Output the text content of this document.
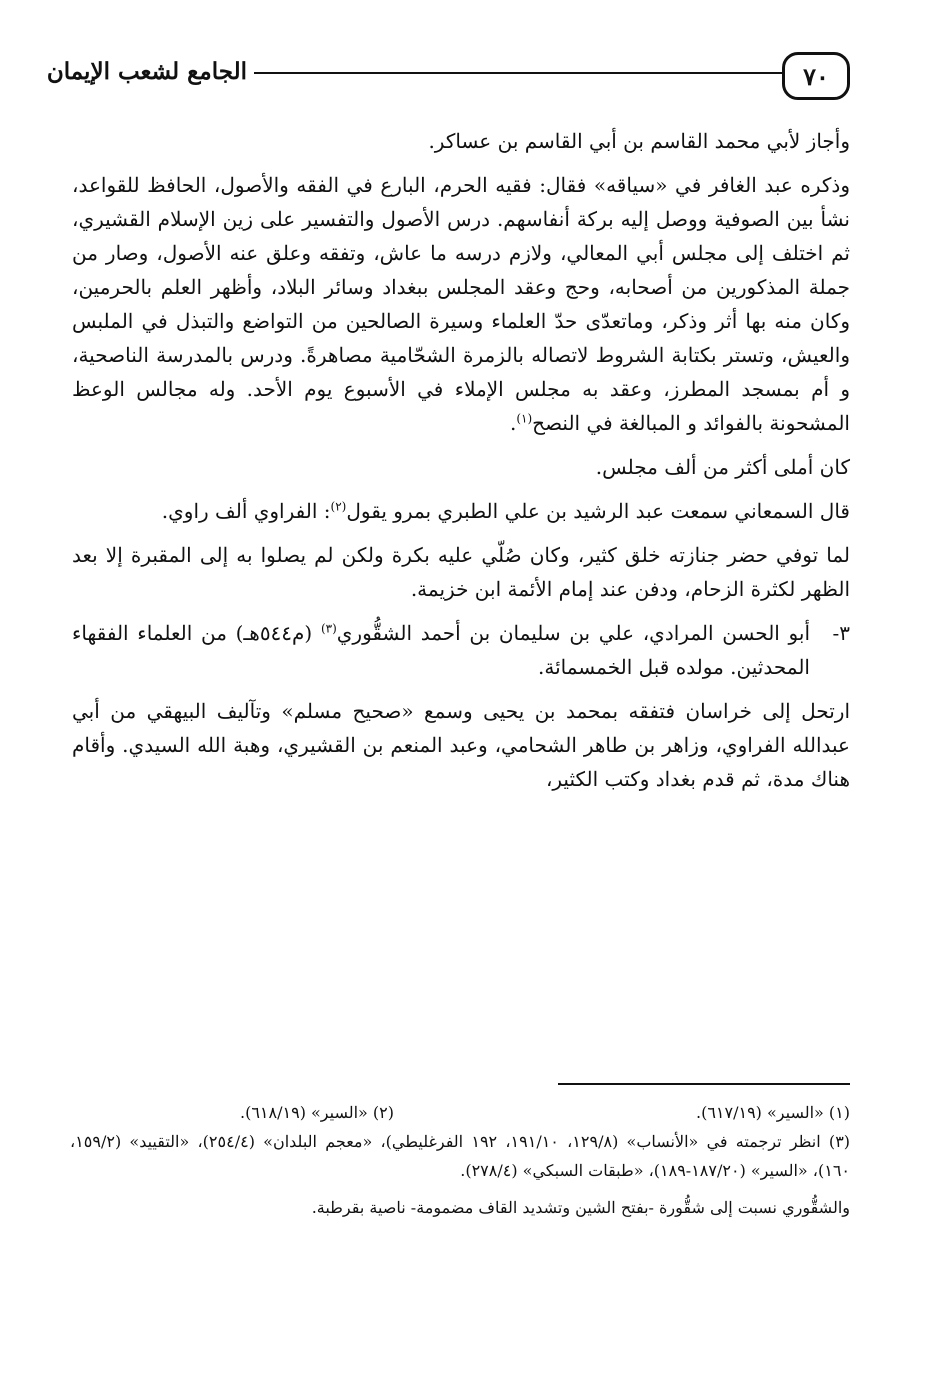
٧٠
الجامع لشعب الإيمان

وأجاز لأبي محمد القاسم بن أبي القاسم بن عساكر.

وذكره عبد الغافر في «سياقه» فقال: فقيه الحرم، البارع في الفقه والأصول، الحافظ للقواعد، نشأ بين الصوفية ووصل إليه بركة أنفاسهم. درس الأصول والتفسير على زين الإسلام القشيري، ثم اختلف إلى مجلس أبي المعالي، ولازم درسه ما عاش، وتفقه وعلق عنه الأصول، وصار من جملة المذكورين من أصحابه، وحج وعقد المجلس ببغداد وسائر البلاد، وأظهر العلم بالحرمين، وكان منه بها أثر وذكر، وماتعدّى حدّ العلماء وسيرة الصالحين من التواضع والتبذل في الملبس والعيش، وتستر بكتابة الشروط لاتصاله بالزمرة الشحّامية مصاهرةً. ودرس بالمدرسة الناصحية، و أم بمسجد المطرز، وعقد به مجلس الإملاء في الأسبوع يوم الأحد. وله مجالس الوعظ المشحونة بالفوائد و المبالغة في النصح$^{(١)}$.

كان أملى أكثر من ألف مجلس.

قال السمعاني سمعت عبد الرشيد بن علي الطبري بمرو يقول$^{(٢)}$: الفراوي ألف راوي.

لما توفي حضر جنازته خلق كثير، وكان صُلّي عليه بكرة ولكن لم يصلوا به إلى المقبرة إلا بعد الظهر لكثرة الزحام، ودفن عند إمام الأئمة ابن خزيمة.

٣-
أبو الحسن المرادي، علي بن سليمان بن أحمد الشقُّوري$^{(٣)}$ (م٥٤٤هـ) من العلماء الفقهاء المحدثين. مولده قبل الخمسمائة.

ارتحل إلى خراسان فتفقه بمحمد بن يحيى وسمع «صحيح مسلم» وتآليف البيهقي من أبي عبدالله الفراوي، وزاهر بن طاهر الشحامي، وعبد المنعم بن القشيري، وهبة الله السيدي. وأقام هناك مدة، ثم قدم بغداد وكتب الكثير،

(١) «السير» (٦١٧/١٩).
(٢) «السير» (٦١٨/١٩).
(٣) انظر ترجمته في «الأنساب» (١٢٩/٨، ١٩١/١٠، ١٩٢ الفرغليطي)، «معجم البلدان» (٢٥٤/٤)، «التقييد» (١٥٩/٢، ١٦٠)، «السير» (١٨٧/٢٠-١٨٩)، «طبقات السبكي» (٢٧٨/٤).
والشقُّوري نسبت إلى شقُّورة -بفتح الشين وتشديد القاف مضمومة- ناصية بقرطبة.
